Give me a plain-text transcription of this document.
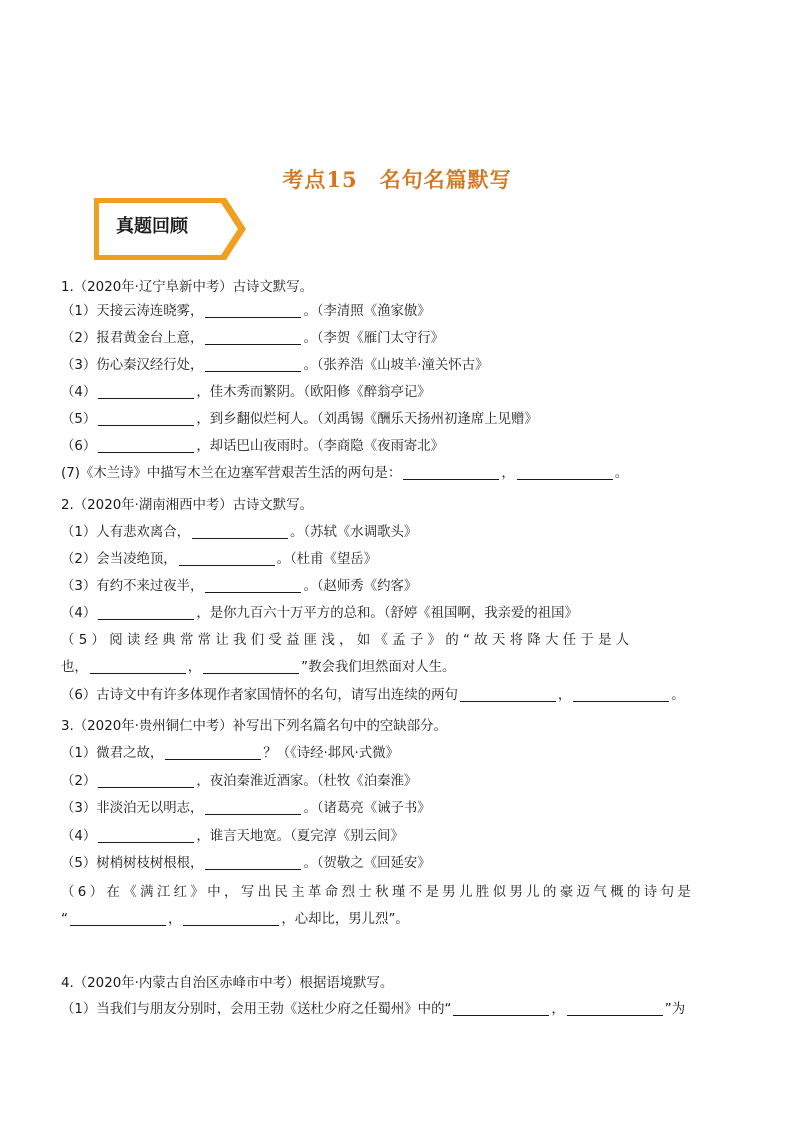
考点15　名句名篇默写
真题回顾
1.（2020年·辽宁阜新中考）古诗文默写。
（1）天接云涛连晓雾，	。（李清照《渔家傲》
（2）报君黄金台上意，	。（李贺《雁门太守行》
（3）伤心秦汉经行处，	。（张养浩《山坡羊·潼关怀古》
（4）	，佳木秀而繁阴。（欧阳修《醉翁亭记》
（5）	，到乡翻似烂柯人。（刘禹锡《酬乐天扬州初逢席上见赠》
（6）	，却话巴山夜雨时。（李商隐《夜雨寄北》
(7)《木兰诗》中描写木兰在边塞军营艰苦生活的两句是：	，	。
2.（2020年·湖南湘西中考）古诗文默写。
（1）人有悲欢离合，	。（苏轼《水调歌头》
（2）会当凌绝顶，	。（杜甫《望岳》
（3）有约不来过夜半，	。（赵师秀《约客》
（4）	，是你九百六十万平方的总和。（舒婷《祖国啊，我亲爱的祖国》
（5）阅读经典常常让我们受益匪浅，如《孟子》的“故天将降大任于是人
也，	，	”教会我们坦然面对人生。
（6）古诗文中有许多体现作者家国情怀的名句，请写出连续的两句	，	。
3.（2020年·贵州铜仁中考）补写出下列名篇名句中的空缺部分。
（1）微君之故，	？（《诗经·邶风·式微》
（2）	，夜泊秦淮近酒家。（杜牧《泊秦淮》
（3）非淡泊无以明志，	。（诸葛亮《诫子书》
（4）	，谁言天地宽。（夏完淳《别云间》
（5）树梢树枝树根根，	。（贺敬之《回延安》
（6）在《满江红》中，写出民主革命烈士秋瑾不是男儿胜似男儿的豪迈气概的诗句是
“	，	，心却比，男儿烈”。
4.（2020年·内蒙古自治区赤峰市中考）根据语境默写。
（1）当我们与朋友分别时，会用王勃《送杜少府之任蜀州》中的“	，	”为
